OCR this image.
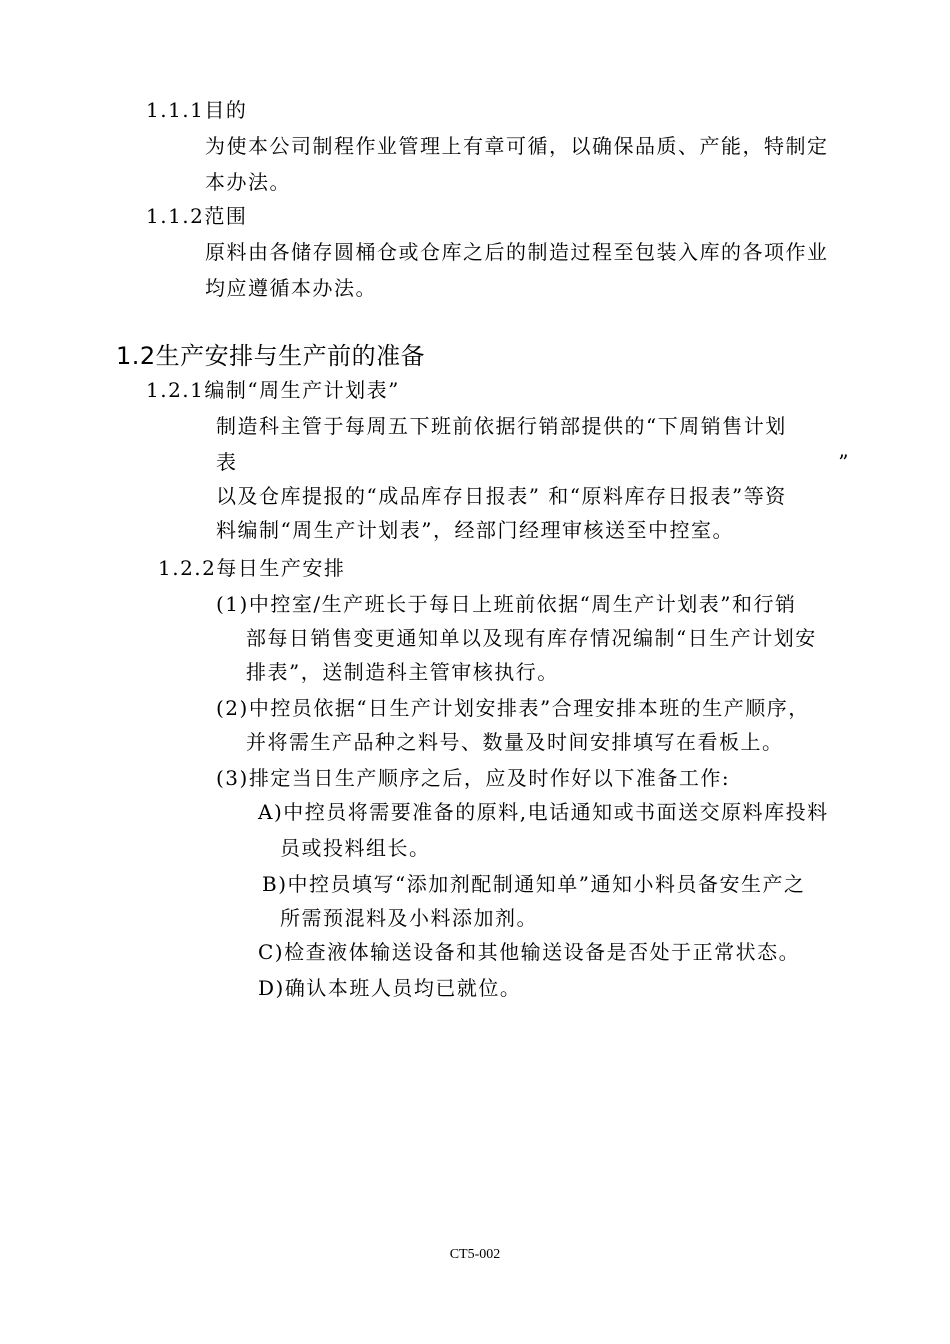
1.1.1目的
为使本公司制程作业管理上有章可循，以确保品质、产能，特制定
本办法。
1.1.2范围
原料由各储存圆桶仓或仓库之后的制造过程至包装入库的各项作业
均应遵循本办法。
1.2生产安排与生产前的准备
1.2.1编制“周生产计划表”
制造科主管于每周五下班前依据行销部提供的“下周销售计划
表	”
以及仓库提报的“成品库存日报表” 和“原料库存日报表”等资
料编制“周生产计划表”，经部门经理审核送至中控室。
1.2.2每日生产安排
(1)中控室/生产班长于每日上班前依据“周生产计划表”和行销
部每日销售变更通知单以及现有库存情况编制“日生产计划安
排表”，送制造科主管审核执行。
(2)中控员依据“日生产计划安排表”合理安排本班的生产顺序，
并将需生产品种之料号、数量及时间安排填写在看板上。
(3)排定当日生产顺序之后，应及时作好以下准备工作:
A)中控员将需要准备的原料,电话通知或书面送交原料库投料
员或投料组长。
B)中控员填写“添加剂配制通知单”通知小料员备安生产之
所需预混料及小料添加剂。
C)检查液体输送设备和其他输送设备是否处于正常状态。
D)确认本班人员均已就位。
CT5-002
